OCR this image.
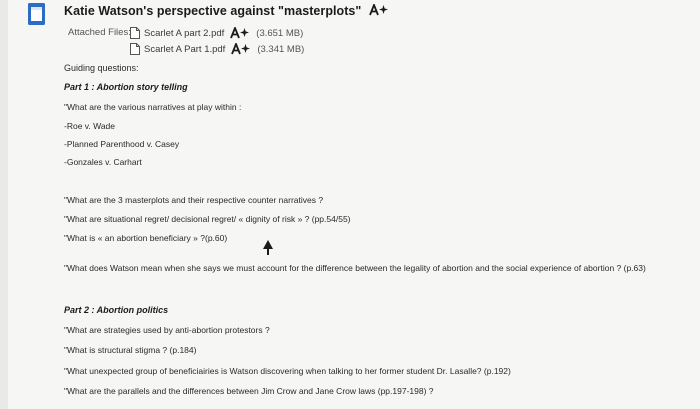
Katie Watson's perspective against "masterplots"
Attached Files: Scarlet A part 2.pdf	(3.651 MB)
Scarlet A Part 1.pdf	(3.341 MB)
Guiding questions:
Part 1 : Abortion story telling
"What are the various narratives at play within :
-Roe v. Wade
-Planned Parenthood v. Casey
-Gonzales v. Carhart
"What are the 3 masterplots and their respective counter narratives ?
"What are situational regret/ decisional regret/ « dignity of risk » ? (pp.54/55)
"What is « an abortion beneficiary » ?(p.60)
"What does Watson mean when she says we must account for the difference between the legality of abortion and the social experience of abortion ? (p.63)
Part 2 : Abortion politics
"What are strategies used by anti-abortion protestors ?
"What is structural stigma ? (p.184)
"What unexpected group of beneficiairies is Watson discovering when talking to her former student Dr. Lasalle? (p.192)
"What are the parallels and the differences between Jim Crow and Jane Crow laws (pp.197-198) ?
